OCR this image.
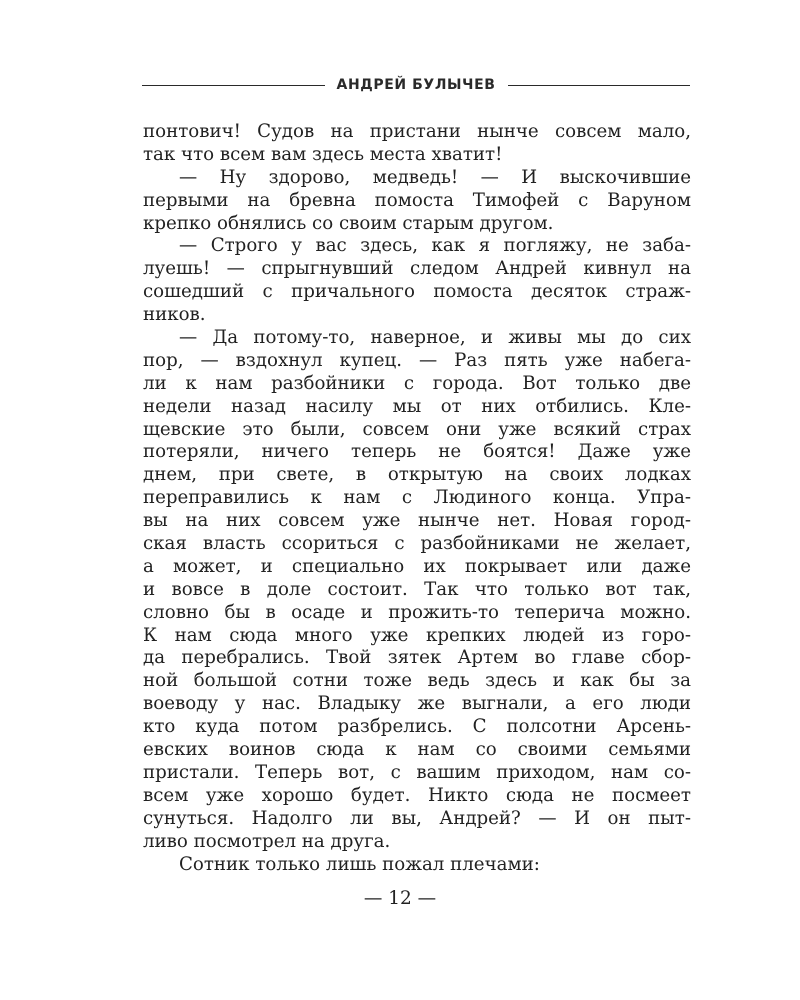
АНДРЕЙ БУЛЫЧЕВ
понтович! Судов на пристани нынче совсем мало,
так что всем вам здесь места хватит!
— Ну здорово, медведь! — И выскочившие
первыми на бревна помоста Тимофей с Варуном
крепко обнялись со своим старым другом.
— Строго у вас здесь, как я погляжу, не заба-
луешь! — спрыгнувший следом Андрей кивнул на
сошедший с причального помоста десяток страж-
ников.
— Да потому-то, наверное, и живы мы до сих
пор, — вздохнул купец. — Раз пять уже набега-
ли к нам разбойники с города. Вот только две
недели назад насилу мы от них отбились. Кле-
щевские это были, совсем они уже всякий страх
потеряли, ничего теперь не боятся! Даже уже
днем, при свете, в открытую на своих лодках
переправились к нам с Людиного конца. Упра-
вы на них совсем уже нынче нет. Новая город-
ская власть ссориться с разбойниками не желает,
а может, и специально их покрывает или даже
и вовсе в доле состоит. Так что только вот так,
словно бы в осаде и прожить-то теперича можно.
К нам сюда много уже крепких людей из горо-
да перебрались. Твой зятек Артем во главе сбор-
ной большой сотни тоже ведь здесь и как бы за
воеводу у нас. Владыку же выгнали, а его люди
кто куда потом разбрелись. С полсотни Арсень-
евских воинов сюда к нам со своими семьями
пристали. Теперь вот, с вашим приходом, нам со-
всем уже хорошо будет. Никто сюда не посмеет
сунуться. Надолго ли вы, Андрей? — И он пыт-
ливо посмотрел на друга.
Сотник только лишь пожал плечами:
— 12 —
